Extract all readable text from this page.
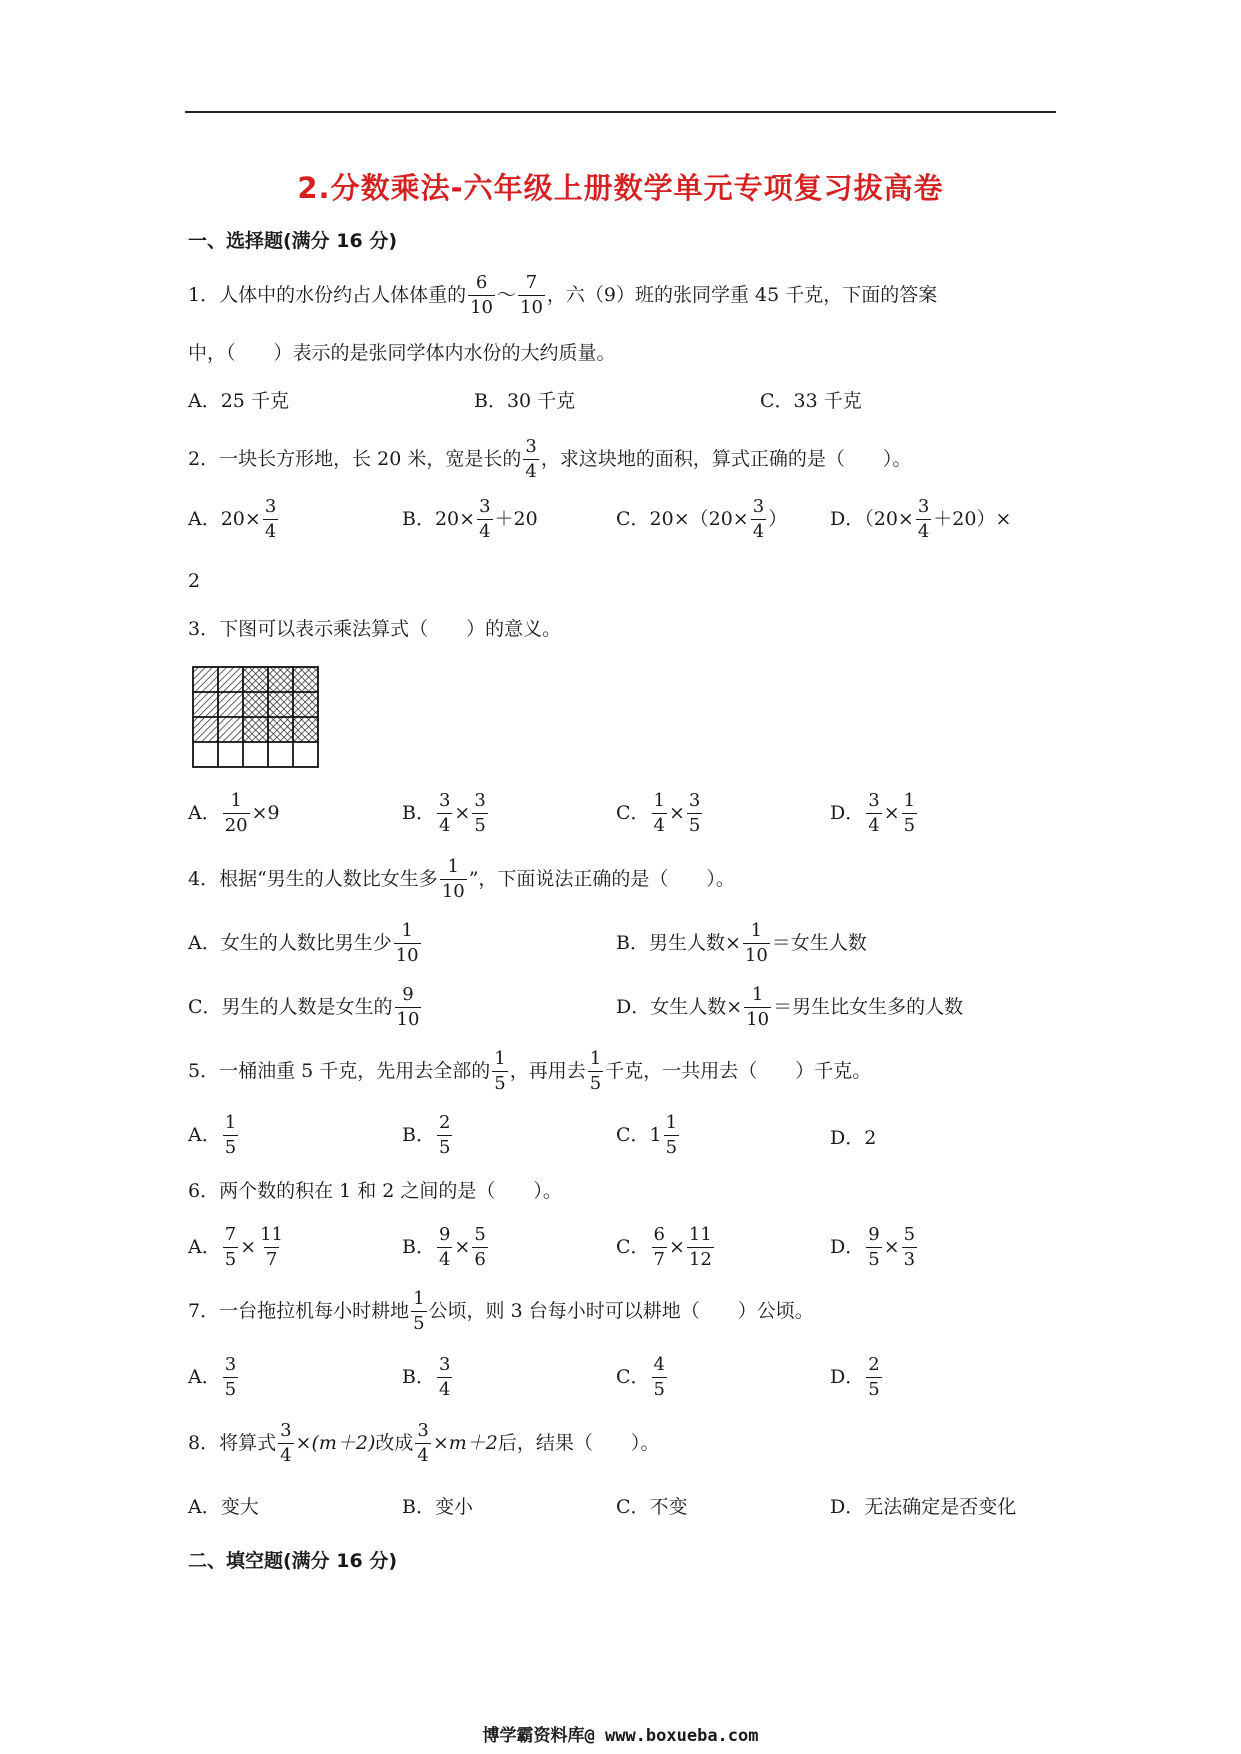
2.分数乘法-六年级上册数学单元专项复习拔高卷
一、选择题(满分 16 分)
1．人体中的水份约占人体体重的 $\frac{6}{10}$ ～ $\frac{7}{10}$ ，六（9）班的张同学重 45 千克，下面的答案
中，（　　）表示的是张同学体内水份的大约质量。
A．25 千克	B．30 千克	C．33 千克
2．一块长方形地，长 20 米，宽是长的 $\frac{3}{4}$ ，求这块地的面积，算式正确的是（　　）。
A．$20\times \frac{3}{4}$	B．$20\times \frac{3}{4} +20$	C．$20\times(20\times \frac{3}{4}$ ） D．$(20\times \frac{3}{4} +20)\times$
2
3．下图可以表示乘法算式（　　）的意义。
A． $\frac{1}{20} \times 9$	B． $\frac{3}{4} \times \frac{3}{5}$	C． $\frac{1}{4} \times \frac{3}{5}$	D． $\frac{3}{4} \times \frac{1}{5}$
4．根据“男生的人数比女生多 $\frac{1}{10}$ ”，下面说法正确的是（　　）。
A．女生的人数比男生少 $\frac{1}{10}$	B．男生人数× $\frac{1}{10}$ ＝女生人数
C．男生的人数是女生的 $\frac{9}{10}$	D．女生人数× $\frac{1}{10}$ ＝男生比女生多的人数
5．一桶油重 5 千克，先用去全部的 $\frac{1}{5}$ ，再用去 $\frac{1}{5}$ 千克，一共用去（　　）千克。
A． $\frac{1}{5}$	B． $\frac{2}{5}$	C．$1 \frac{1}{5}$	D．2
6．两个数的积在 1 和 2 之间的是（　　）。
A． $\frac{7}{5} \times \frac{11}{7}$	B． $\frac{9}{4} \times \frac{5}{6}$	C． $\frac{6}{7} \times \frac{11}{12}$	D． $\frac{9}{5} \times \frac{5}{3}$
7．一台拖拉机每小时耕地 $\frac{1}{5}$ 公顷，则 3 台每小时可以耕地（　　）公顷。
A． $\frac{3}{5}$	B． $\frac{3}{4}$	C． $\frac{4}{5}$	D． $\frac{2}{5}$
8．将算式 $\frac{3}{4} \times(m+2)$ 改成 $\frac{3}{4} \times m+2$ 后，结果（　　）。
A．变大	B．变小	C．不变	D．无法确定是否变化
二、填空题(满分 16 分)
博学霸资料库@ www.boxueba.com
